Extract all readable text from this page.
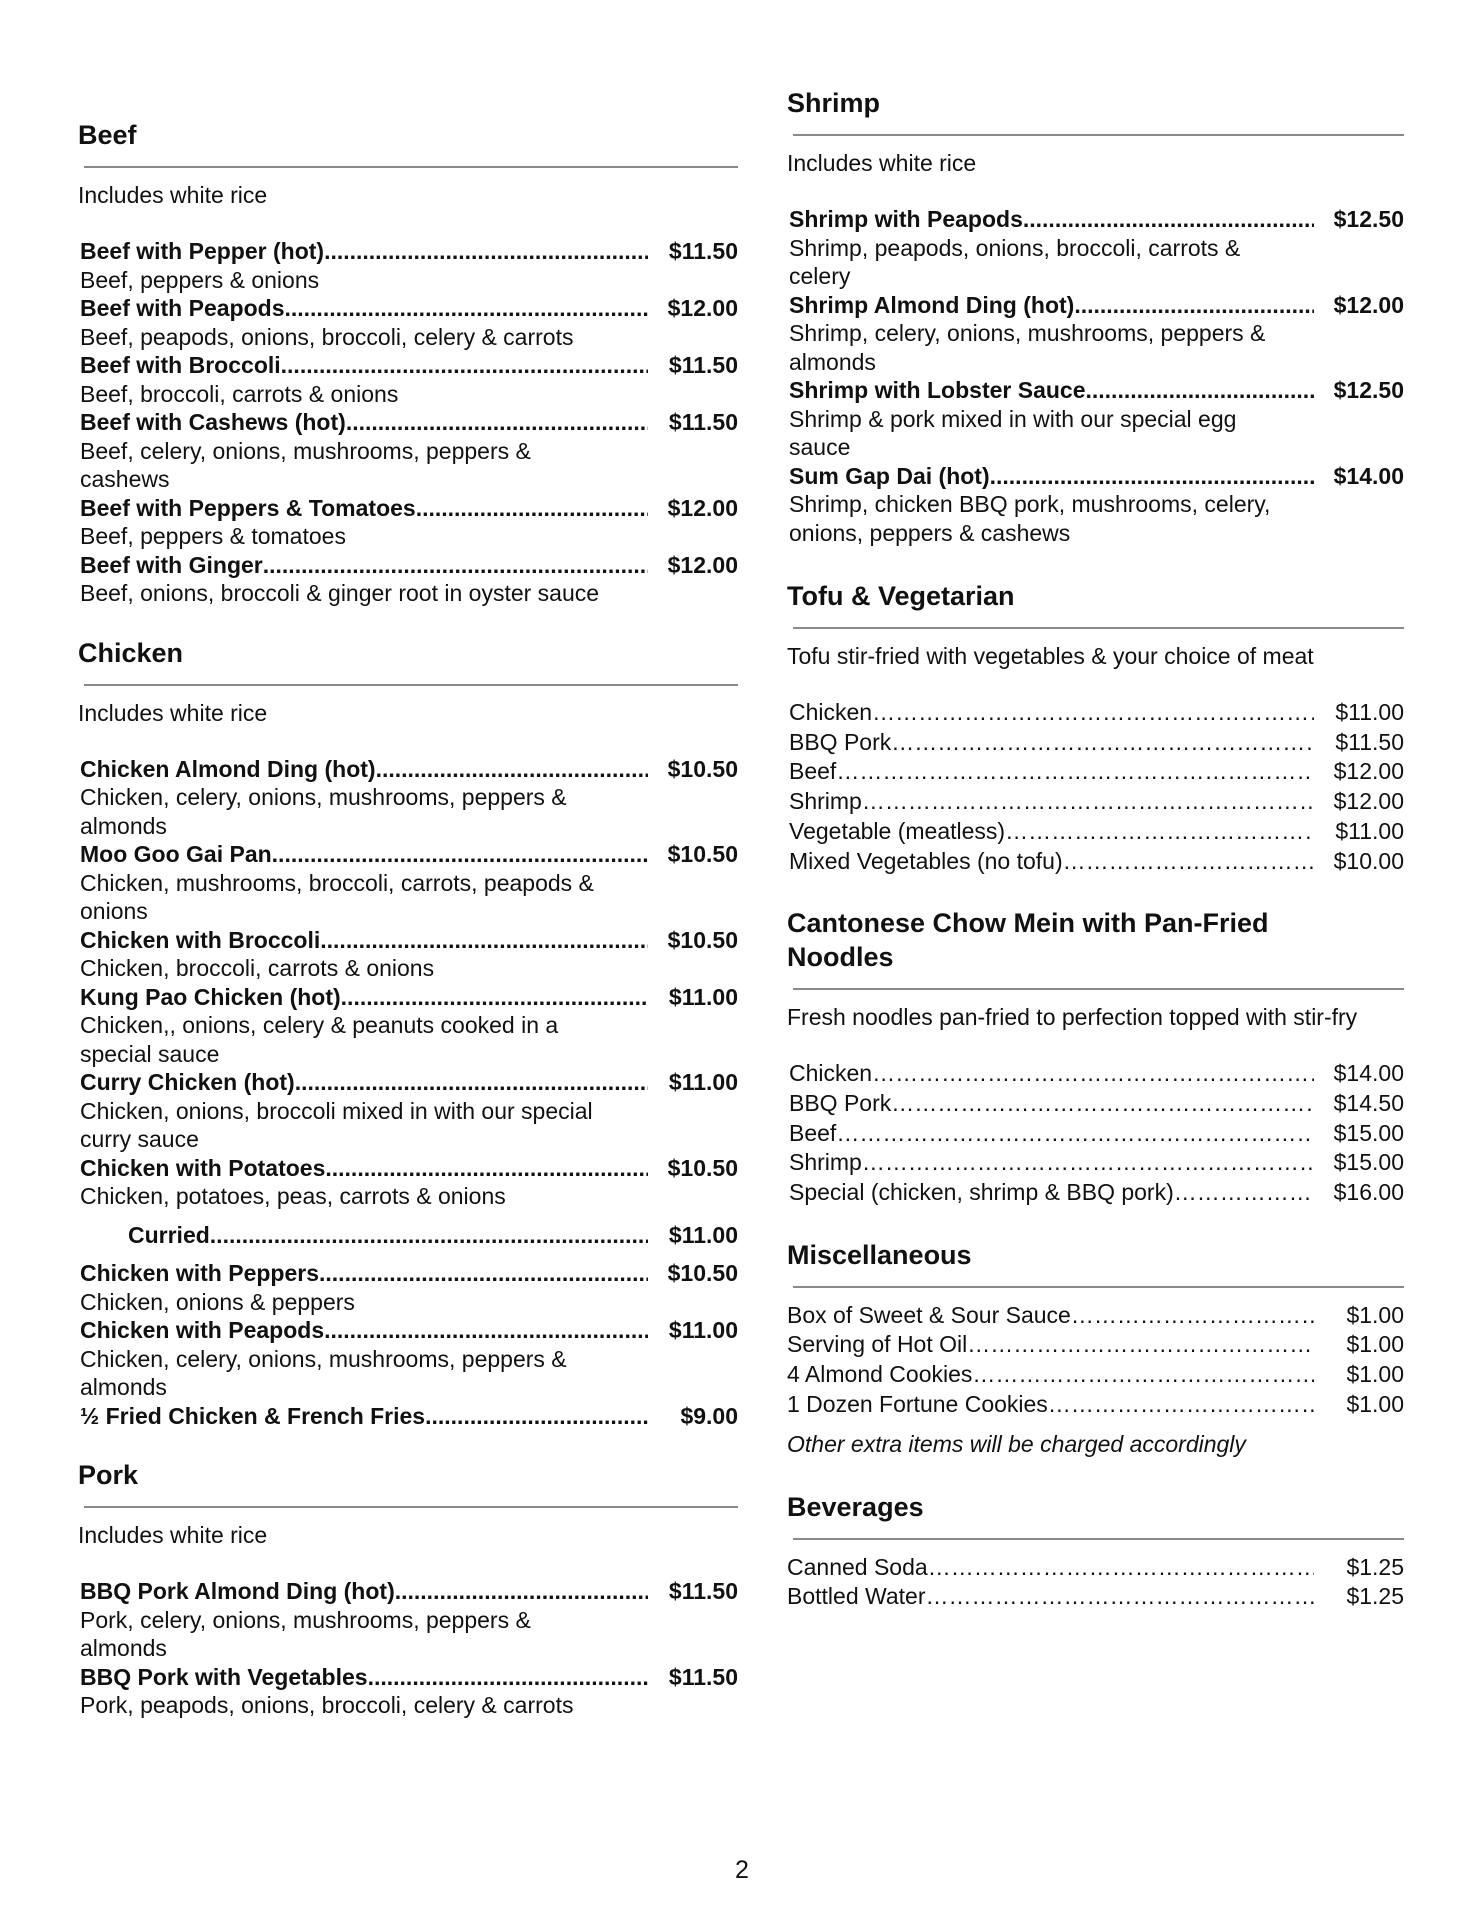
Beef

Includes white rice

Beef with Pepper (hot) .....	$11.50
Beef, peppers & onions
Beef with Peapods .....	$12.00
Beef, peapods, onions, broccoli, celery & carrots
Beef with Broccoli .....	$11.50
Beef, broccoli, carrots & onions
Beef with Cashews (hot) .....	$11.50
Beef, celery, onions, mushrooms, peppers & cashews
Beef with Peppers & Tomatoes .....	$12.00
Beef, peppers & tomatoes
Beef with Ginger .....	$12.00
Beef, onions, broccoli & ginger root in oyster sauce
Chicken

Includes white rice

Chicken Almond Ding (hot) .....	$10.50
Chicken, celery, onions, mushrooms, peppers & almonds
Moo Goo Gai Pan .....	$10.50
Chicken, mushrooms, broccoli, carrots, peapods & onions
Chicken with Broccoli .....	$10.50
Chicken, broccoli, carrots & onions
Kung Pao Chicken (hot) .....	$11.00
Chicken,, onions, celery & peanuts cooked in a special sauce
Curry Chicken (hot) .....	$11.00
Chicken, onions, broccoli mixed in with our special curry sauce
Chicken with Potatoes .....	$10.50
Chicken, potatoes, peas, carrots & onions
Curried .....	$11.00
Chicken with Peppers .....	$10.50
Chicken, onions & peppers
Chicken with Peapods .....	$11.00
Chicken, celery, onions, mushrooms, peppers & almonds
½ Fried Chicken & French Fries .....	$9.00
Pork

Includes white rice

BBQ Pork Almond Ding (hot) .....	$11.50
Pork, celery, onions, mushrooms, peppers & almonds
BBQ Pork with Vegetables .....	$11.50
Pork, peapods, onions, broccoli, celery & carrots
Shrimp

Includes white rice

Shrimp with Peapods .....	$12.50
Shrimp, peapods, onions, broccoli, carrots & celery
Shrimp Almond Ding (hot) .....	$12.00
Shrimp, celery, onions, mushrooms, peppers & almonds
Shrimp with Lobster Sauce .....	$12.50
Shrimp & pork mixed in with our special egg sauce
Sum Gap Dai (hot) .....	$14.00
Shrimp, chicken BBQ pork, mushrooms, celery, onions, peppers & cashews
Tofu & Vegetarian

Tofu stir-fried with vegetables & your choice of meat

Chicken …………………………………………………………………………………………………………………………………………………………………	$11.00
BBQ Pork …………………………………………………………………………………………………………………………………………………………………	$11.50
Beef …………………………………………………………………………………………………………………………………………………………………	$12.00
Shrimp …………………………………………………………………………………………………………………………………………………………………	$12.00
Vegetable (meatless) …………………………………………………………………………………………………………………………………………………………………	$11.00
Mixed Vegetables (no tofu) …………………………………………………………………………………………………………………………………………………………………	$10.00
Cantonese Chow Mein with Pan-Fried
Noodles

Fresh noodles pan-fried to perfection topped with stir-fry

Chicken …………………………………………………………………………………………………………………………………………………………………	$14.00
BBQ Pork …………………………………………………………………………………………………………………………………………………………………	$14.50
Beef …………………………………………………………………………………………………………………………………………………………………	$15.00
Shrimp …………………………………………………………………………………………………………………………………………………………………	$15.00
Special (chicken, shrimp & BBQ pork) …………………………………………………………………………………………………………………………………………………………………	$16.00
Miscellaneous
Box of Sweet & Sour Sauce …………………………………………………………………………………………………………………………………………………………………	$1.00
Serving of Hot Oil …………………………………………………………………………………………………………………………………………………………………	$1.00
4 Almond Cookies …………………………………………………………………………………………………………………………………………………………………	$1.00
1 Dozen Fortune Cookies …………………………………………………………………………………………………………………………………………………………………	$1.00
Other extra items will be charged accordingly
Beverages
Canned Soda …………………………………………………………………………………………………………………………………………………………………	$1.25
Bottled Water …………………………………………………………………………………………………………………………………………………………………	$1.25
2
